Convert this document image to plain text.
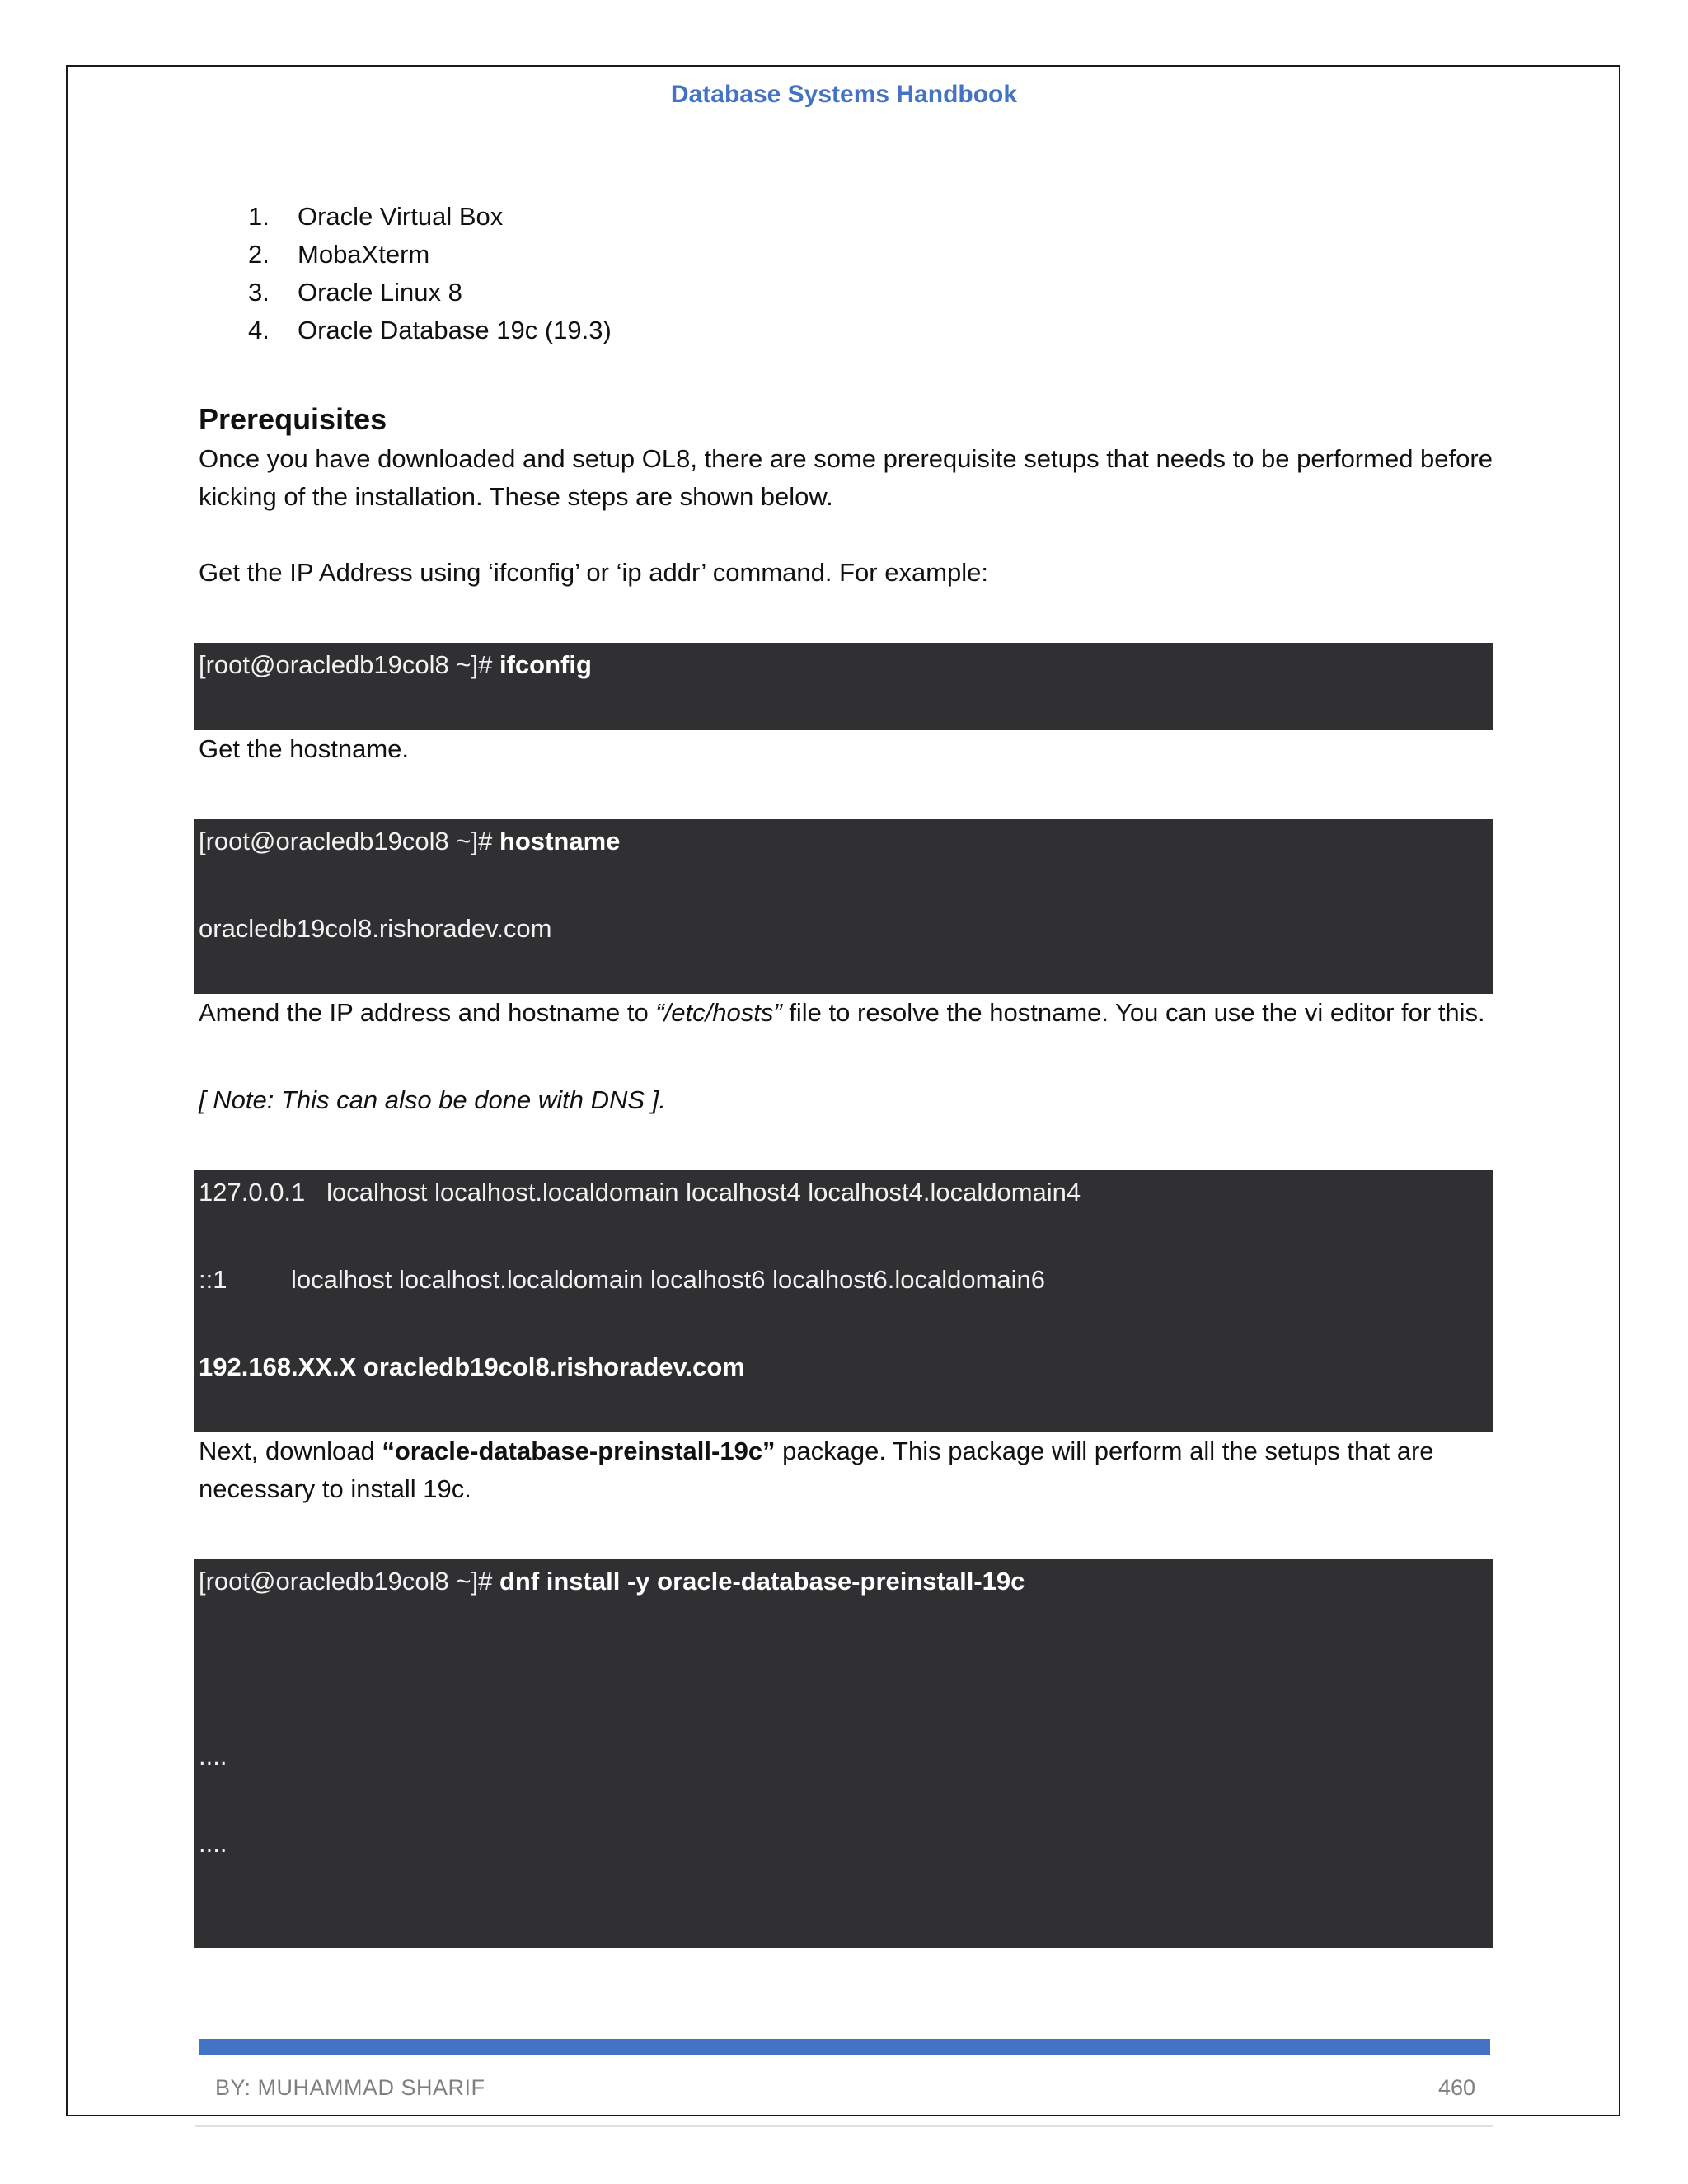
Database Systems Handbook
1.	Oracle Virtual Box
2.	MobaXterm
3.	Oracle Linux 8
4.	Oracle Database 19c (19.3)
Prerequisites

Once you have downloaded and setup OL8, there are some prerequisite setups that needs to be performed before kicking of the installation. These steps are shown below.

Get the IP Address using ‘ifconfig’ or ‘ip addr’ command. For example:

[root@oracledb19col8 ~]# ifconfig

Get the hostname.

[root@oracledb19col8 ~]# hostname
oracledb19col8.rishoradev.com

Amend the IP address and hostname to “/etc/hosts” file to resolve the hostname. You can use the vi editor for this.

[ Note: This can also be done with DNS ].

127.0.0.1   localhost localhost.localdomain localhost4 localhost4.localdomain4
::1         localhost localhost.localdomain localhost6 localhost6.localdomain6
192.168.XX.X oracledb19col8.rishoradev.com

Next, download “oracle-database-preinstall-19c” package. This package will perform all the setups that are necessary to install 19c.

[root@oracledb19col8 ~]# dnf install -y oracle-database-preinstall-19c
....
....
BY: MUHAMMAD SHARIF	460
